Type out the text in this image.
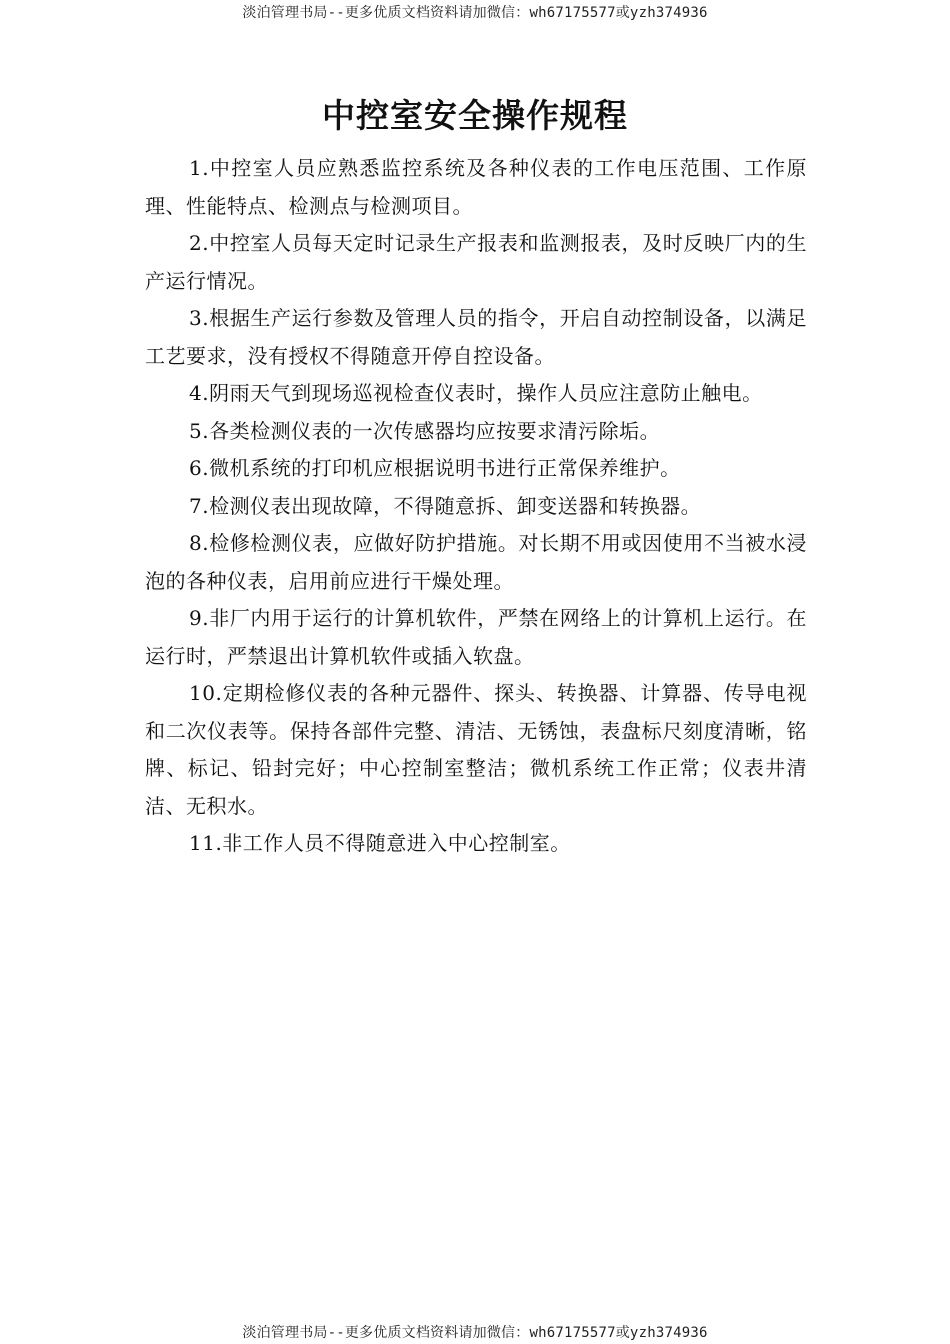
淡泊管理书局--更多优质文档资料请加微信：wh67175577或yzh374936
中控室安全操作规程

1.中控室人员应熟悉监控系统及各种仪表的工作电压范围、工作原理、性能特点、检测点与检测项目。

2.中控室人员每天定时记录生产报表和监测报表，及时反映厂内的生产运行情况。

3.根据生产运行参数及管理人员的指令，开启自动控制设备，以满足工艺要求，没有授权不得随意开停自控设备。

4.阴雨天气到现场巡视检查仪表时，操作人员应注意防止触电。

5.各类检测仪表的一次传感器均应按要求清污除垢。

6.微机系统的打印机应根据说明书进行正常保养维护。

7.检测仪表出现故障，不得随意拆、卸变送器和转换器。

8.检修检测仪表，应做好防护措施。对长期不用或因使用不当被水浸泡的各种仪表，启用前应进行干燥处理。

9.非厂内用于运行的计算机软件，严禁在网络上的计算机上运行。在运行时，严禁退出计算机软件或插入软盘。

10.定期检修仪表的各种元器件、探头、转换器、计算器、传导电视和二次仪表等。保持各部件完整、清洁、无锈蚀，表盘标尺刻度清晰，铭牌、标记、铅封完好；中心控制室整洁；微机系统工作正常；仪表井清洁、无积水。

11.非工作人员不得随意进入中心控制室。

淡泊管理书局--更多优质文档资料请加微信：wh67175577或yzh374936
